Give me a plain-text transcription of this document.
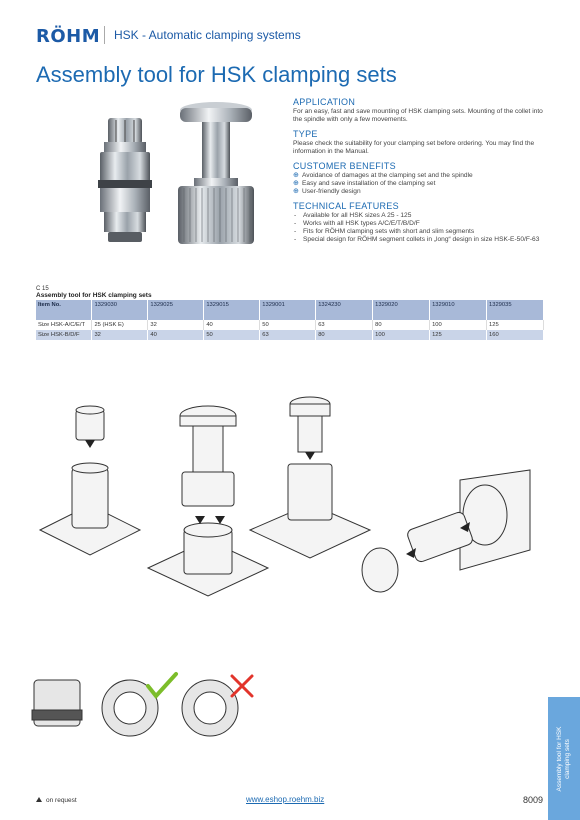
RÖHM HSK - Automatic clamping systems
Assembly tool for HSK clamping sets
APPLICATION

For an easy, fast and save mounting of HSK clamping sets. Mounting of the collet into the spindle with only a few movements.

TYPE

Please check the suitability for your clamping set before ordering. You may find the information in the Manual.

CUSTOMER BENEFITS
⊕ Avoidance of damages at the clamping set and the spindle
⊕ Easy and save installation of the clamping set
⊕ User-friendly design
TECHNICAL FEATURES
- Available for all HSK sizes A 25 - 125
- Works with all HSK types A/C/E/T/B/D/F
- Fits for RÖHM clamping sets with short and slim segments
- Special design for RÖHM segment collets in „long“ design in size HSK-E-50/F-63
C 15
Assembly tool for HSK clamping sets
Item No.	1329030	1329025	1329015	1329001	1324230	1329020	1329010	1329035
Size HSK-A/C/E/T	25 (HSK E)	32	40	50	63	80	100	125
Size HSK-B/D/F	32	40	50	63	80	100	125	160
Assembly tool for HSK clamping sets
on request	www.eshop.roehm.biz	8009
